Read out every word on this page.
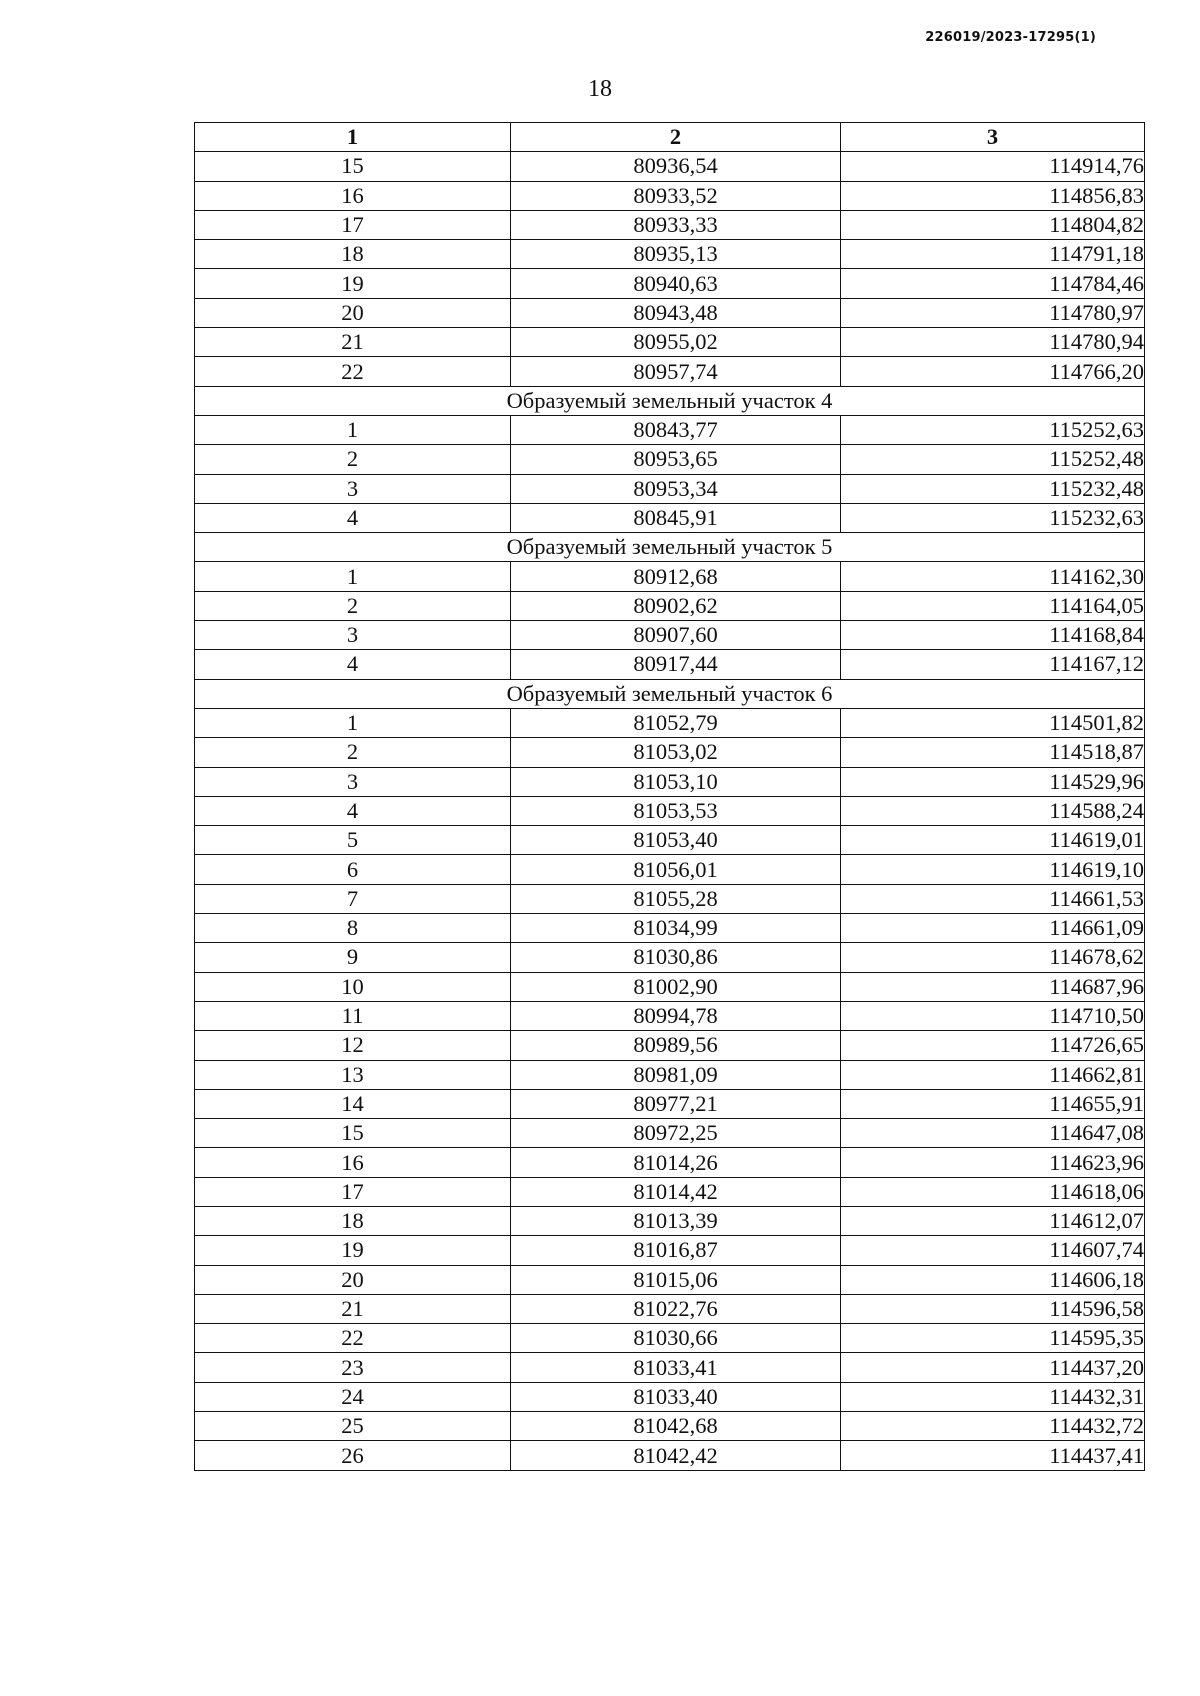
226019/2023-17295(1)
18
1	2	3
15	80936,54	114914,76
16	80933,52	114856,83
17	80933,33	114804,82
18	80935,13	114791,18
19	80940,63	114784,46
20	80943,48	114780,97
21	80955,02	114780,94
22	80957,74	114766,20
Образуемый земельный участок 4		
1	80843,77	115252,63
2	80953,65	115252,48
3	80953,34	115232,48
4	80845,91	115232,63
Образуемый земельный участок 5		
1	80912,68	114162,30
2	80902,62	114164,05
3	80907,60	114168,84
4	80917,44	114167,12
Образуемый земельный участок 6		
1	81052,79	114501,82
2	81053,02	114518,87
3	81053,10	114529,96
4	81053,53	114588,24
5	81053,40	114619,01
6	81056,01	114619,10
7	81055,28	114661,53
8	81034,99	114661,09
9	81030,86	114678,62
10	81002,90	114687,96
11	80994,78	114710,50
12	80989,56	114726,65
13	80981,09	114662,81
14	80977,21	114655,91
15	80972,25	114647,08
16	81014,26	114623,96
17	81014,42	114618,06
18	81013,39	114612,07
19	81016,87	114607,74
20	81015,06	114606,18
21	81022,76	114596,58
22	81030,66	114595,35
23	81033,41	114437,20
24	81033,40	114432,31
25	81042,68	114432,72
26	81042,42	114437,41
